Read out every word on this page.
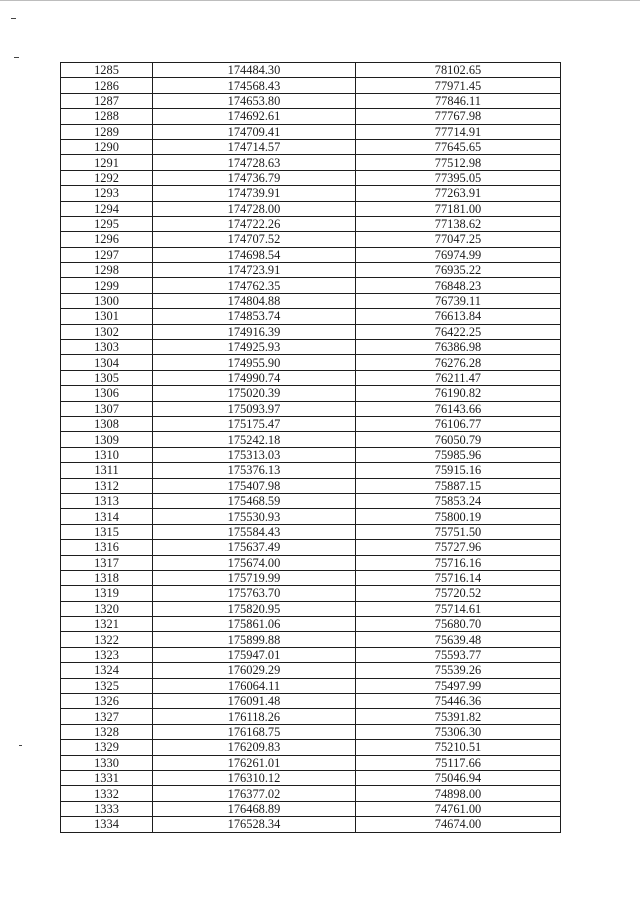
1285	174484.30	78102.65
1286	174568.43	77971.45
1287	174653.80	77846.11
1288	174692.61	77767.98
1289	174709.41	77714.91
1290	174714.57	77645.65
1291	174728.63	77512.98
1292	174736.79	77395.05
1293	174739.91	77263.91
1294	174728.00	77181.00
1295	174722.26	77138.62
1296	174707.52	77047.25
1297	174698.54	76974.99
1298	174723.91	76935.22
1299	174762.35	76848.23
1300	174804.88	76739.11
1301	174853.74	76613.84
1302	174916.39	76422.25
1303	174925.93	76386.98
1304	174955.90	76276.28
1305	174990.74	76211.47
1306	175020.39	76190.82
1307	175093.97	76143.66
1308	175175.47	76106.77
1309	175242.18	76050.79
1310	175313.03	75985.96
1311	175376.13	75915.16
1312	175407.98	75887.15
1313	175468.59	75853.24
1314	175530.93	75800.19
1315	175584.43	75751.50
1316	175637.49	75727.96
1317	175674.00	75716.16
1318	175719.99	75716.14
1319	175763.70	75720.52
1320	175820.95	75714.61
1321	175861.06	75680.70
1322	175899.88	75639.48
1323	175947.01	75593.77
1324	176029.29	75539.26
1325	176064.11	75497.99
1326	176091.48	75446.36
1327	176118.26	75391.82
1328	176168.75	75306.30
1329	176209.83	75210.51
1330	176261.01	75117.66
1331	176310.12	75046.94
1332	176377.02	74898.00
1333	176468.89	74761.00
1334	176528.34	74674.00
